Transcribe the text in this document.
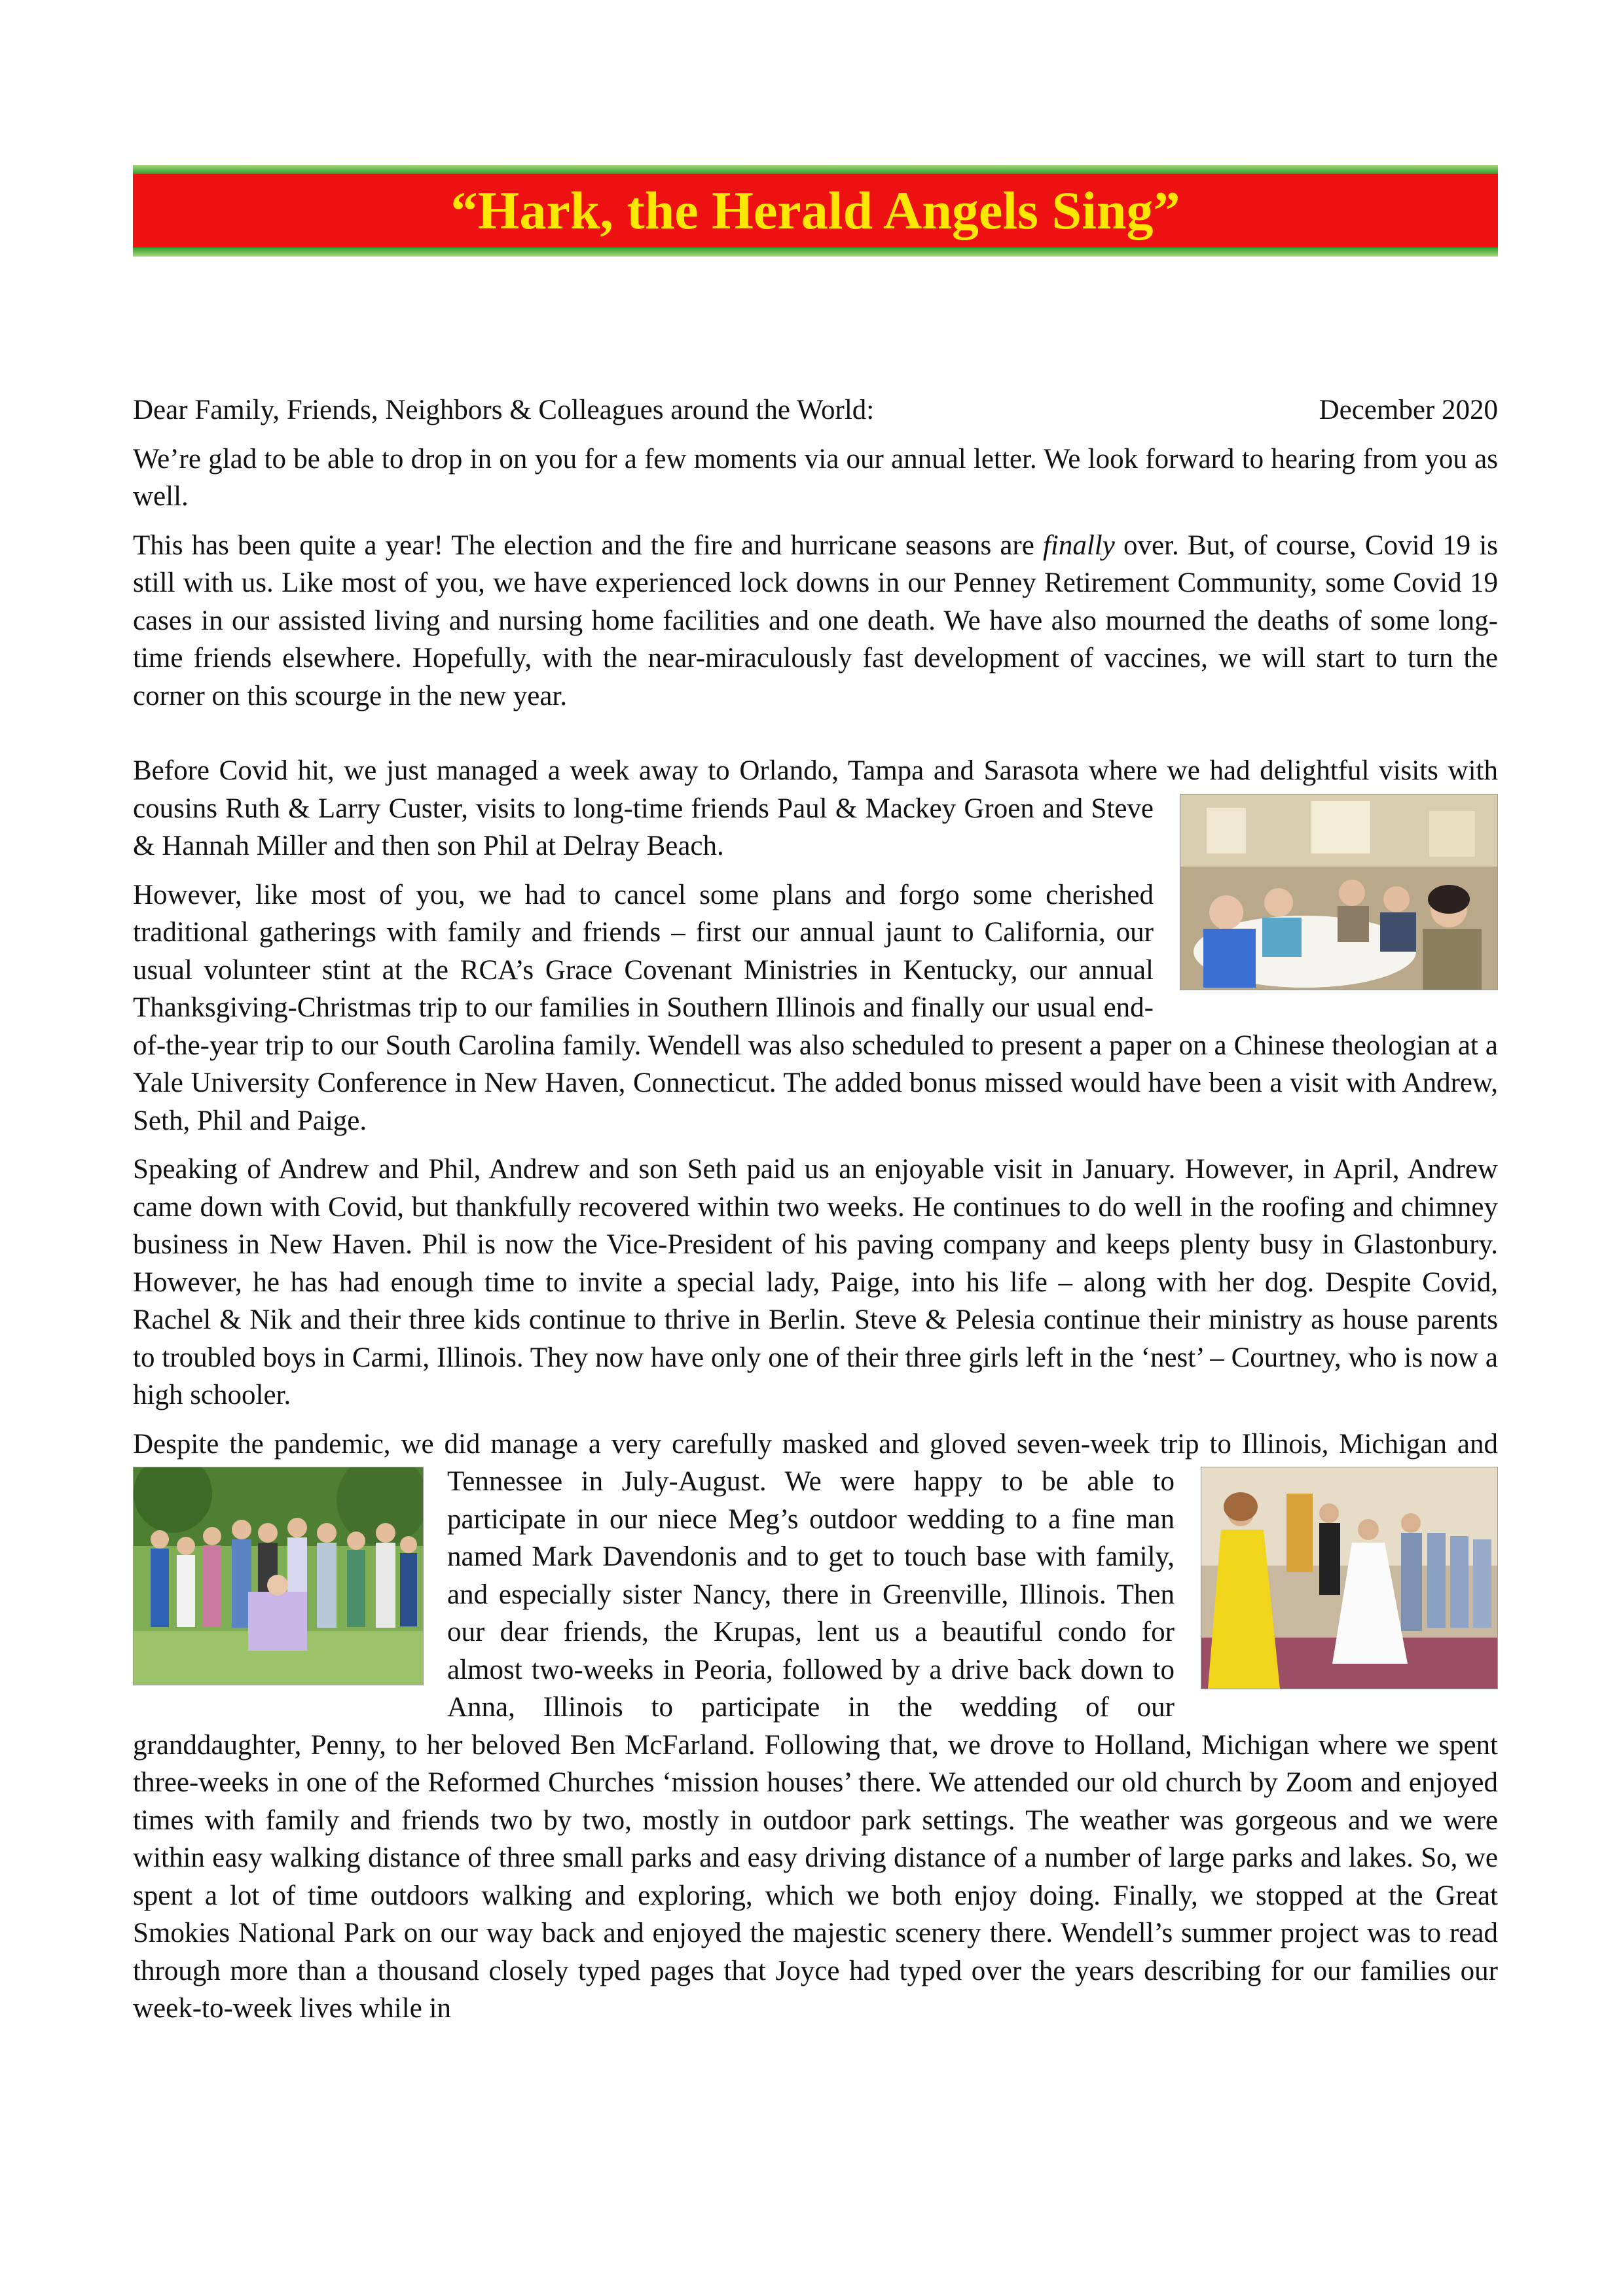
“Hark, the Herald Angels Sing”
Dear Family, Friends, Neighbors & Colleagues around the World:	December 2020

We’re glad to be able to drop in on you for a few moments via our annual letter. We look forward to hearing from you as well.

This has been quite a year! The election and the fire and hurricane seasons are finally over. But, of course, Covid 19 is still with us. Like most of you, we have experienced lock downs in our Penney Retirement Community, some Covid 19 cases in our assisted living and nursing home facilities and one death. We have also mourned the deaths of some long-time friends elsewhere. Hopefully, with the near-miraculously fast development of vaccines, we will start to turn the corner on this scourge in the new year.

Before Covid hit, we just managed a week away to Orlando, Tampa and Sarasota where we had delightful visits with cousins Ruth & Larry Custer, visits to long-time friends Paul & Mackey Groen and Steve & Hannah Miller and then son Phil at Delray Beach.

However, like most of you, we had to cancel some plans and forgo some cherished traditional gatherings with family and friends – first our annual jaunt to California, our usual volunteer stint at the RCA’s Grace Covenant Ministries in Kentucky, our annual Thanksgiving-Christmas trip to our families in Southern Illinois and finally our usual end-of-the-year trip to our South Carolina family. Wendell was also scheduled to present a paper on a Chinese theologian at a Yale University Conference in New Haven, Connecticut. The added bonus missed would have been a visit with Andrew, Seth, Phil and Paige.

Speaking of Andrew and Phil, Andrew and son Seth paid us an enjoyable visit in January. However, in April, Andrew came down with Covid, but thankfully recovered within two weeks. He continues to do well in the roofing and chimney business in New Haven. Phil is now the Vice-President of his paving company and keeps plenty busy in Glastonbury. However, he has had enough time to invite a special lady, Paige, into his life – along with her dog. Despite Covid, Rachel & Nik and their three kids continue to thrive in Berlin. Steve & Pelesia continue their ministry as house parents to troubled boys in Carmi, Illinois. They now have only one of their three girls left in the ‘nest’ – Courtney, who is now a high schooler.

Despite the pandemic, we did manage a very carefully masked and gloved seven-week trip to Illinois, Michigan and Tennessee in July-August. We were happy to be able to participate in our niece Meg’s outdoor wedding to a fine man named Mark Davendonis and to get to touch base with family, and especially sister Nancy, there in Greenville, Illinois. Then our dear friends, the Krupas, lent us a beautiful condo for almost two-weeks in Peoria, followed by a drive back down to Anna, Illinois to participate in the wedding of our granddaughter, Penny, to her beloved Ben McFarland. Following that, we drove to Holland, Michigan where we spent three-weeks in one of the Reformed Churches ‘mission houses’ there. We attended our old church by Zoom and enjoyed times with family and friends two by two, mostly in outdoor park settings. The weather was gorgeous and we were within easy walking distance of three small parks and easy driving distance of a number of large parks and lakes. So, we spent a lot of time outdoors walking and exploring, which we both enjoy doing. Finally, we stopped at the Great Smokies National Park on our way back and enjoyed the majestic scenery there. Wendell’s summer project was to read through more than a thousand closely typed pages that Joyce had typed over the years describing for our families our week-to-week lives while in
